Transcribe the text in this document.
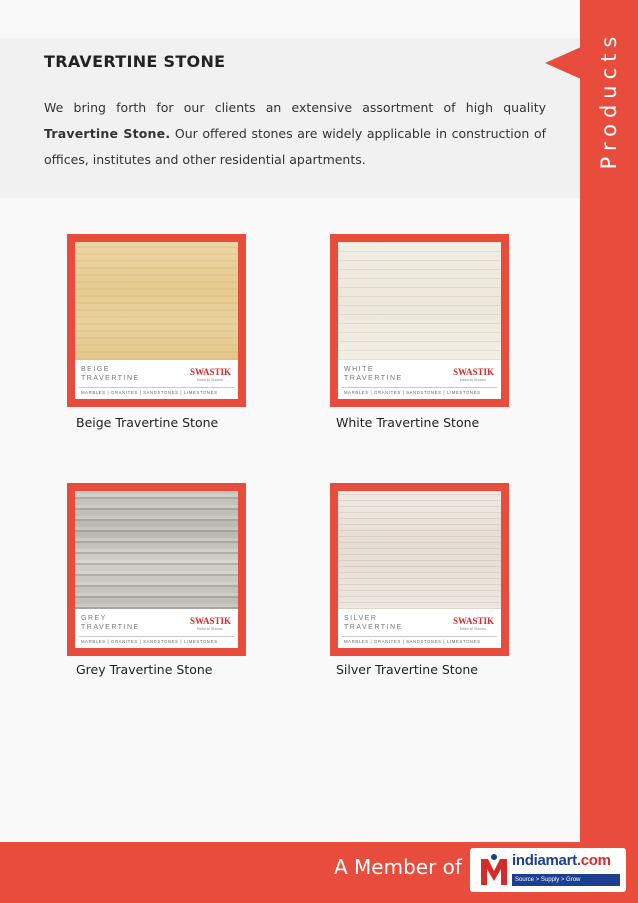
TRAVERTINE STONE

We bring forth for our clients an extensive assortment of high quality Travertine Stone. Our offered stones are widely applicable in construction of offices, institutes and other residential apartments.	Products
BEIGE
TRAVERTINE
SWASTIK
Natural Stones
MARBLES | GRANITES | SANDSTONES | LIMESTONES
Beige Travertine Stone
WHITE
TRAVERTINE
SWASTIK
Natural Stones
MARBLES | GRANITES | SANDSTONES | LIMESTONES
White Travertine Stone
GREY
TRAVERTINE
SWASTIK
Natural Stones
MARBLES | GRANITES | SANDSTONES | LIMESTONES
Grey Travertine Stone
SILVER
TRAVERTINE
SWASTIK
Natural Stones
MARBLES | GRANITES | SANDSTONES | LIMESTONES
Silver Travertine Stone
A Member of	indiamart.com
Source > Supply > Grow
